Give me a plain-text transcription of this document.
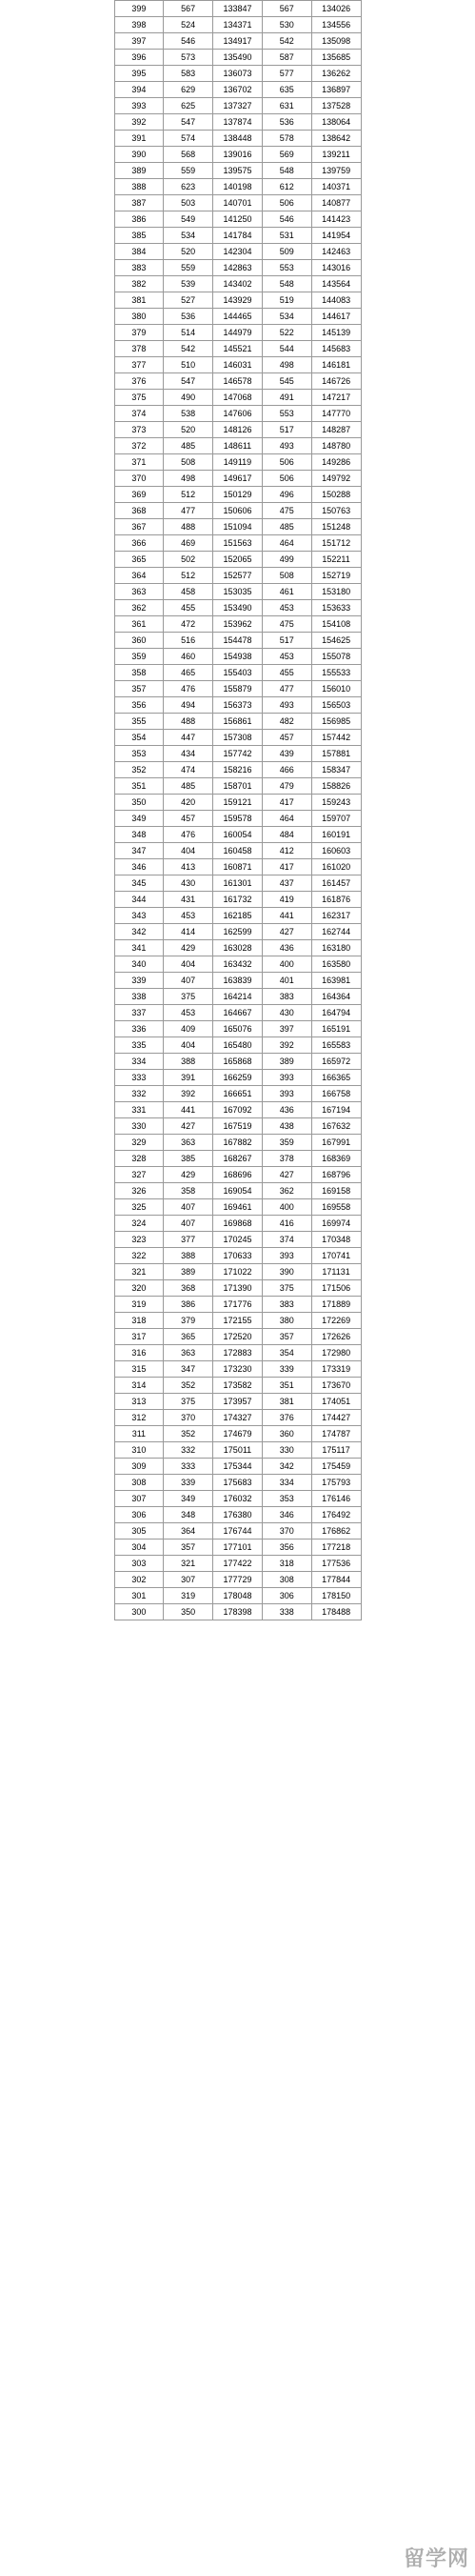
399	567	133847	567	134026
398	524	134371	530	134556
397	546	134917	542	135098
396	573	135490	587	135685
395	583	136073	577	136262
394	629	136702	635	136897
393	625	137327	631	137528
392	547	137874	536	138064
391	574	138448	578	138642
390	568	139016	569	139211
389	559	139575	548	139759
388	623	140198	612	140371
387	503	140701	506	140877
386	549	141250	546	141423
385	534	141784	531	141954
384	520	142304	509	142463
383	559	142863	553	143016
382	539	143402	548	143564
381	527	143929	519	144083
380	536	144465	534	144617
379	514	144979	522	145139
378	542	145521	544	145683
377	510	146031	498	146181
376	547	146578	545	146726
375	490	147068	491	147217
374	538	147606	553	147770
373	520	148126	517	148287
372	485	148611	493	148780
371	508	149119	506	149286
370	498	149617	506	149792
369	512	150129	496	150288
368	477	150606	475	150763
367	488	151094	485	151248
366	469	151563	464	151712
365	502	152065	499	152211
364	512	152577	508	152719
363	458	153035	461	153180
362	455	153490	453	153633
361	472	153962	475	154108
360	516	154478	517	154625
359	460	154938	453	155078
358	465	155403	455	155533
357	476	155879	477	156010
356	494	156373	493	156503
355	488	156861	482	156985
354	447	157308	457	157442
353	434	157742	439	157881
352	474	158216	466	158347
351	485	158701	479	158826
350	420	159121	417	159243
349	457	159578	464	159707
348	476	160054	484	160191
347	404	160458	412	160603
346	413	160871	417	161020
345	430	161301	437	161457
344	431	161732	419	161876
343	453	162185	441	162317
342	414	162599	427	162744
341	429	163028	436	163180
340	404	163432	400	163580
339	407	163839	401	163981
338	375	164214	383	164364
337	453	164667	430	164794
336	409	165076	397	165191
335	404	165480	392	165583
334	388	165868	389	165972
333	391	166259	393	166365
332	392	166651	393	166758
331	441	167092	436	167194
330	427	167519	438	167632
329	363	167882	359	167991
328	385	168267	378	168369
327	429	168696	427	168796
326	358	169054	362	169158
325	407	169461	400	169558
324	407	169868	416	169974
323	377	170245	374	170348
322	388	170633	393	170741
321	389	171022	390	171131
320	368	171390	375	171506
319	386	171776	383	171889
318	379	172155	380	172269
317	365	172520	357	172626
316	363	172883	354	172980
315	347	173230	339	173319
314	352	173582	351	173670
313	375	173957	381	174051
312	370	174327	376	174427
311	352	174679	360	174787
310	332	175011	330	175117
309	333	175344	342	175459
308	339	175683	334	175793
307	349	176032	353	176146
306	348	176380	346	176492
305	364	176744	370	176862
304	357	177101	356	177218
303	321	177422	318	177536
302	307	177729	308	177844
301	319	178048	306	178150
300	350	178398	338	178488
留学网
